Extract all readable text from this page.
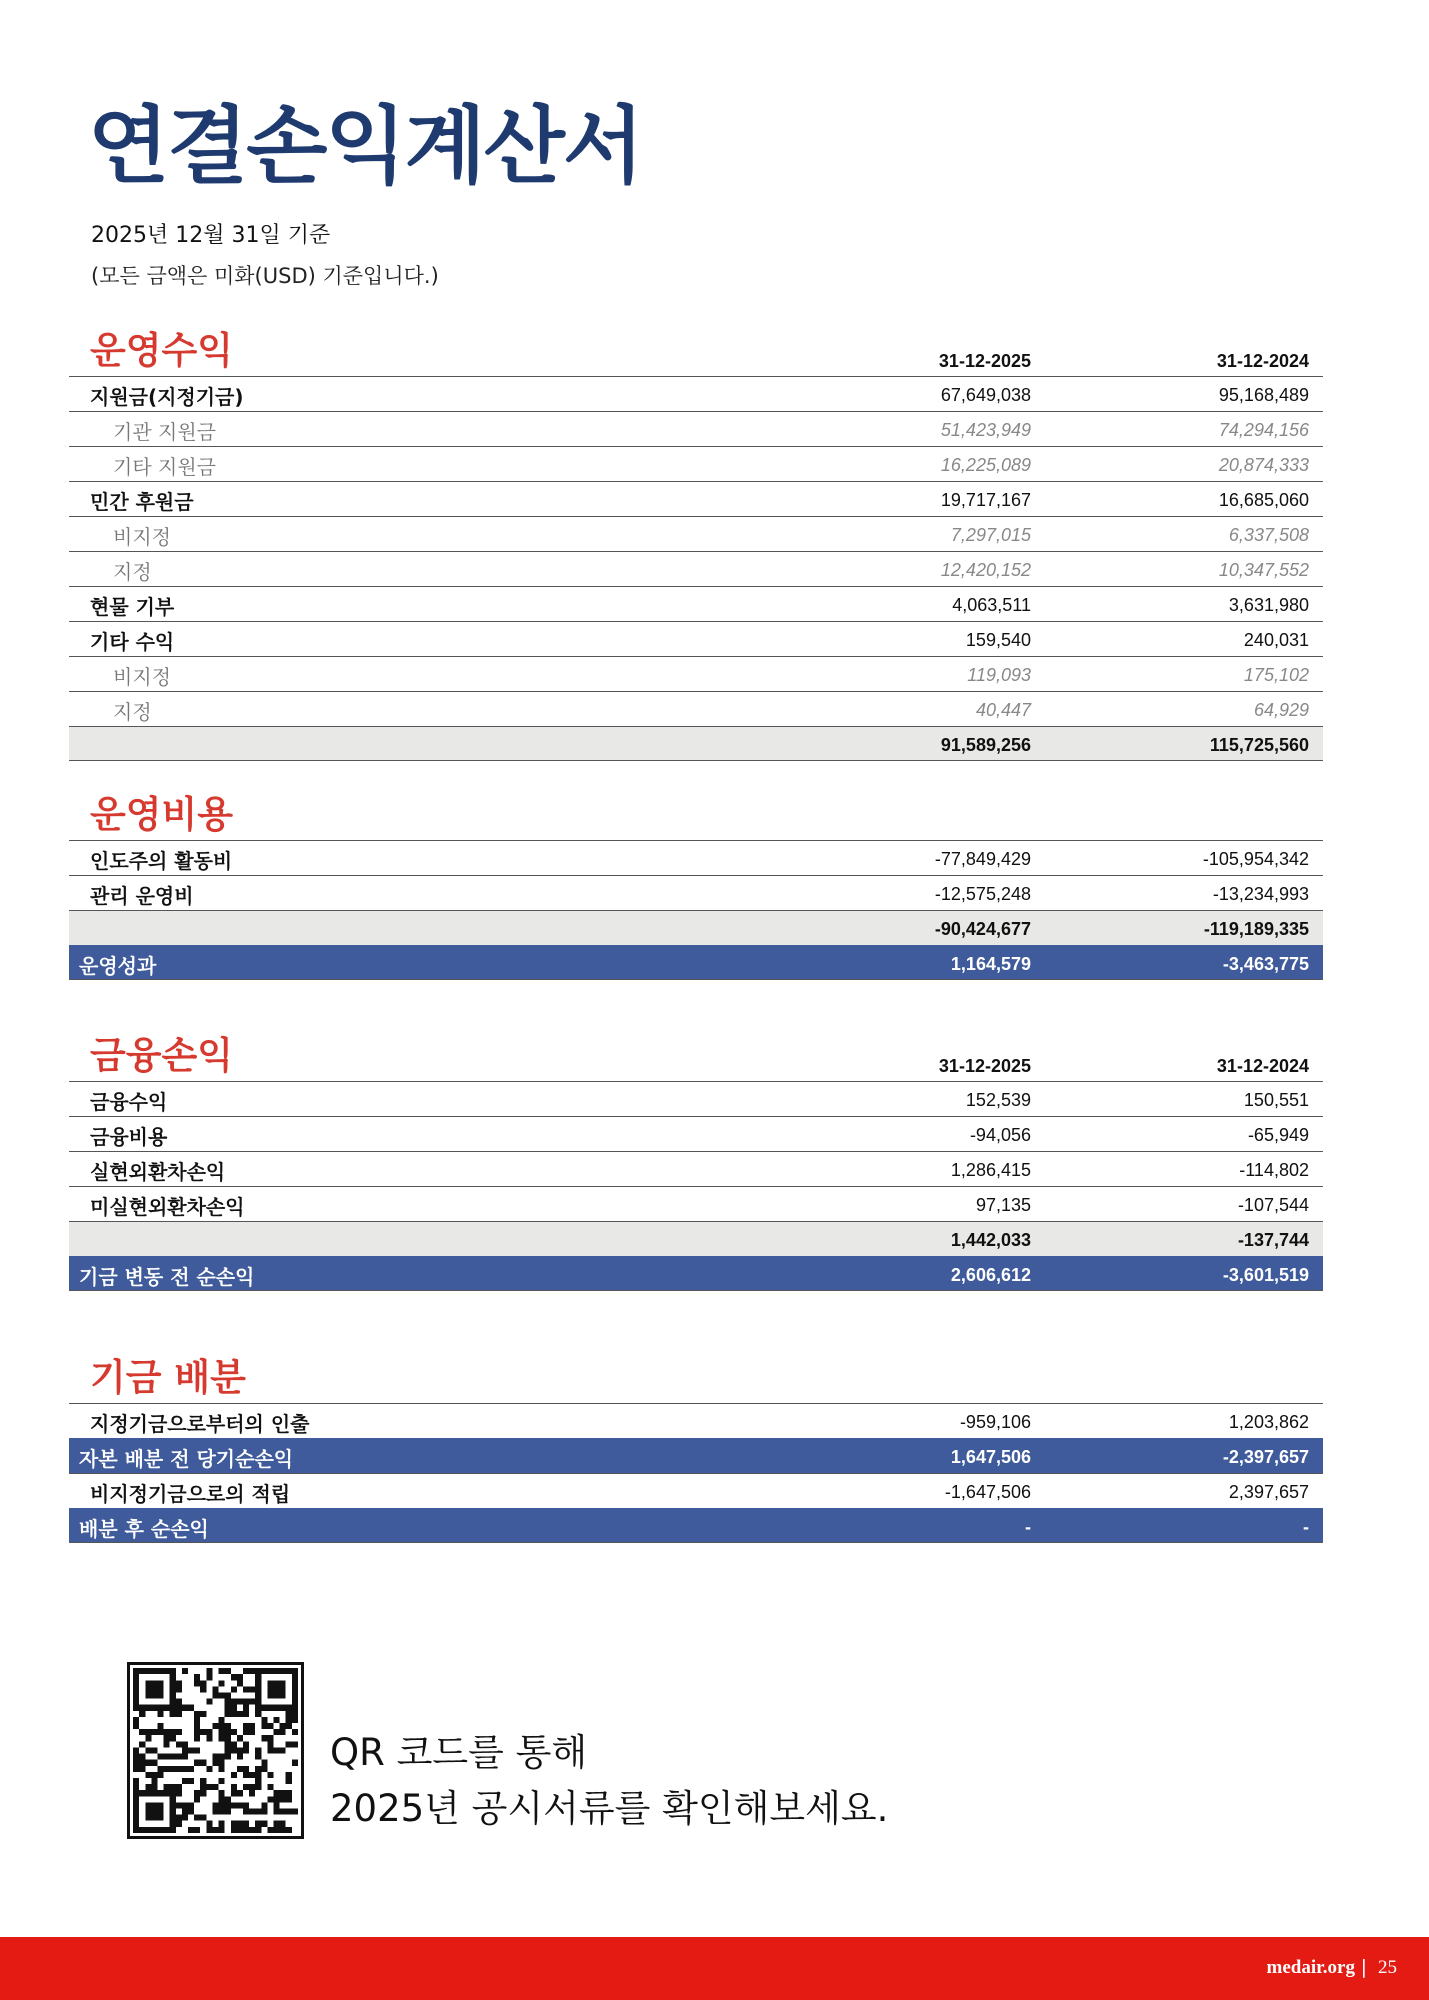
연결손익계산서
2025년 12월 31일 기준
(모든 금액은 미화(USD) 기준입니다.)
운영수익	31-12-2025	31-12-2024
지원금(지정기금)	67,649,038	95,168,489
기관 지원금	51,423,949	74,294,156
기타 지원금	16,225,089	20,874,333
민간 후원금	19,717,167	16,685,060
비지정	7,297,015	6,337,508
지정	12,420,152	10,347,552
현물 기부	4,063,511	3,631,980
기타 수익	159,540	240,031
비지정	119,093	175,102
지정	40,447	64,929
91,589,256	115,725,560
운영비용
인도주의 활동비	-77,849,429	-105,954,342
관리 운영비	-12,575,248	-13,234,993
-90,424,677	-119,189,335
운영성과	1,164,579	-3,463,775
금융손익	31-12-2025	31-12-2024
금융수익	152,539	150,551
금융비용	-94,056	-65,949
실현외환차손익	1,286,415	-114,802
미실현외환차손익	97,135	-107,544
1,442,033	-137,744
기금 변동 전 순손익	2,606,612	-3,601,519
기금 배분
지정기금으로부터의 인출	-959,106	1,203,862
자본 배분 전 당기순손익	1,647,506	-2,397,657
비지정기금으로의 적립	-1,647,506	2,397,657
배분 후 순손익	-	-
QR 코드를 통해
2025년 공시서류를 확인해보세요.
medair.org | 25
